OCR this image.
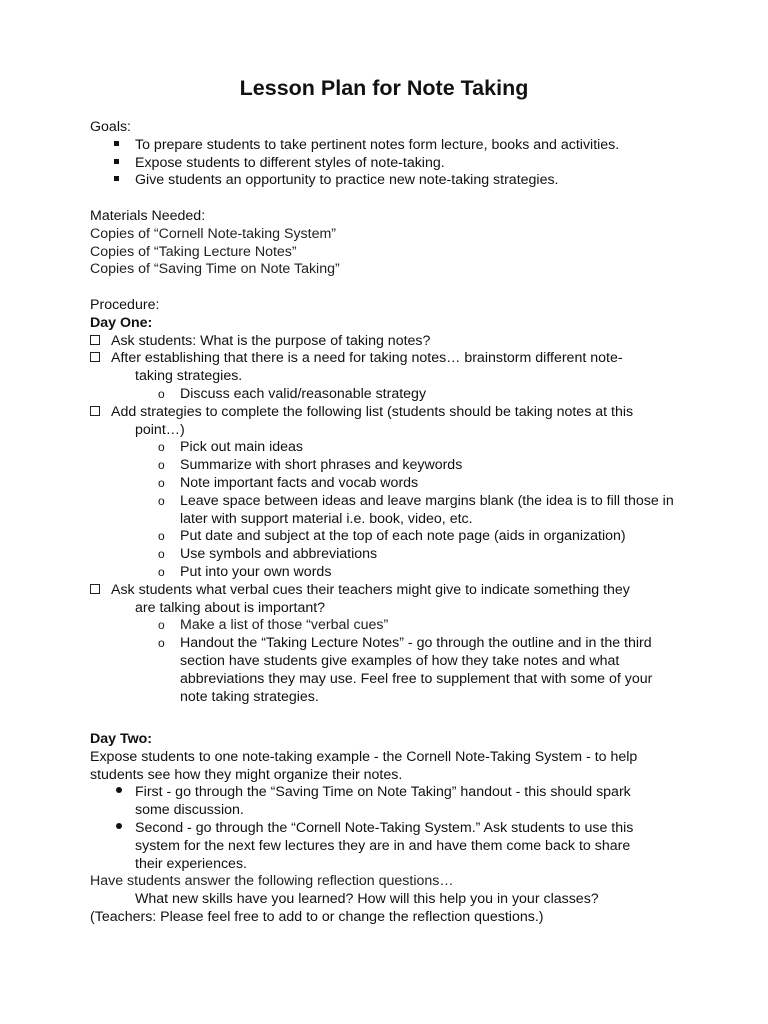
Lesson Plan for Note Taking
Goals:
To prepare students to take pertinent notes form lecture, books and activities.
Expose students to different styles of note-taking.
Give students an opportunity to practice new note-taking strategies.
Materials Needed:
Copies of “Cornell Note-taking System”
Copies of “Taking Lecture Notes”
Copies of “Saving Time on Note Taking”
Procedure:
Day One:
Ask students: What is the purpose of taking notes?
After establishing that there is a need for taking notes… brainstorm different note-
taking strategies.
o Discuss each valid/reasonable strategy
Add strategies to complete the following list (students should be taking notes at this
point…)
o Pick out main ideas
o Summarize with short phrases and keywords
o Note important facts and vocab words
o Leave space between ideas and leave margins blank (the idea is to fill those in later with support material i.e. book, video, etc.
o Put date and subject at the top of each note page (aids in organization)
o Use symbols and abbreviations
o Put into your own words
Ask students what verbal cues their teachers might give to indicate something they
are talking about is important?
o Make a list of those “verbal cues”
o Handout the “Taking Lecture Notes” - go through the outline and in the third section have students give examples of how they take notes and what abbreviations they may use. Feel free to supplement that with some of your note taking strategies.
Day Two:
Expose students to one note-taking example - the Cornell Note-Taking System - to help
students see how they might organize their notes.
First - go through the “Saving Time on Note Taking” handout - this should spark
some discussion.
Second - go through the “Cornell Note-Taking System.” Ask students to use this
system for the next few lectures they are in and have them come back to share
their experiences.
Have students answer the following reflection questions…
What new skills have you learned? How will this help you in your classes?
(Teachers: Please feel free to add to or change the reflection questions.)
